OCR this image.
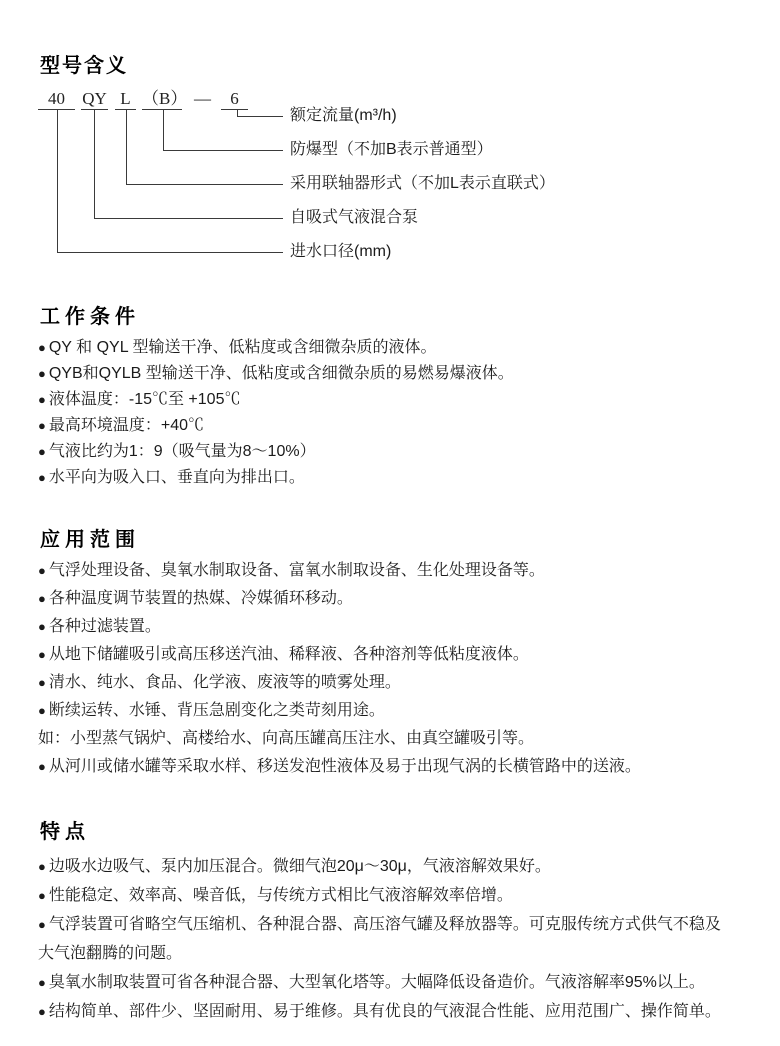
型号含义
40	QY L （B） —	6
额定流量(m³/h)
防爆型（不加B表示普通型）
采用联轴器形式（不加L表示直联式）
自吸式气液混合泵
进水口径(mm)
工作条件
● QY 和 QYL 型输送干净、低粘度或含细微杂质的液体。
● QYB和QYLB 型输送干净、低粘度或含细微杂质的易燃易爆液体。
● 液体温度：-15℃至 +105℃
● 最高环境温度：+40℃
● 气液比约为1：9（吸气量为8～10%）
● 水平向为吸入口、垂直向为排出口。
应用范围
● 气浮处理设备、臭氧水制取设备、富氧水制取设备、生化处理设备等。
● 各种温度调节装置的热媒、冷媒循环移动。
● 各种过滤装置。
● 从地下储罐吸引或高压移送汽油、稀释液、各种溶剂等低粘度液体。
● 清水、纯水、食品、化学液、废液等的喷雾处理。
● 断续运转、水锤、背压急剧变化之类苛刻用途。
如：小型蒸气锅炉、高楼给水、向高压罐高压注水、由真空罐吸引等。
● 从河川或储水罐等采取水样、移送发泡性液体及易于出现气涡的长横管路中的送液。
特点
● 边吸水边吸气、泵内加压混合。微细气泡20μ～30μ，气液溶解效果好。
● 性能稳定、效率高、噪音低，与传统方式相比气液溶解效率倍增。
● 气浮装置可省略空气压缩机、各种混合器、高压溶气罐及释放器等。可克服传统方式供气不稳及大气泡翻腾的问题。
● 臭氧水制取装置可省各种混合器、大型氧化塔等。大幅降低设备造价。气液溶解率95%以上。
● 结构简单、部件少、坚固耐用、易于维修。具有优良的气液混合性能、应用范围广、操作简单。
